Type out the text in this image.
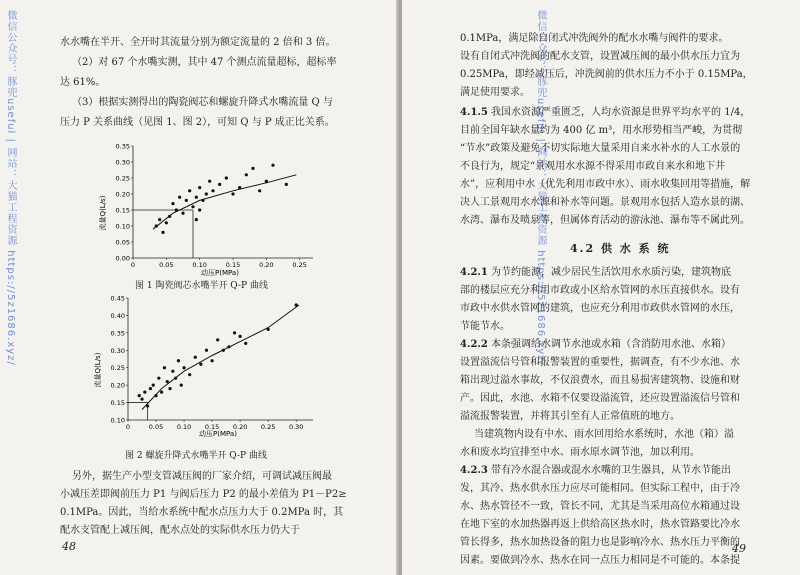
微信公众号：豚兜useful | 网站：大猫工程资源 https://5z1686.xyz/	水水嘴在半开、全开时其流量分别为额定流量的 2 倍和 3 倍。

（2）对 67 个水嘴实测，其中 47 个测点流量超标，超标率

达 61%。

（3）根据实测得出的陶瓷阀芯和螺旋升降式水嘴流量 Q 与

压力 P 关系曲线（见图 1、图 2），可知 Q 与 P 成正比关系。

流量Q(L/s)
动压P(MPa)
0.35
0.30
0.25
0.20
0.15
0.10
0.05
0.00
0	0.05	0.10	0.15	0.20	0.25
图 1 陶瓷阀芯水嘴半开 Q-P 曲线
流量Q(L/s)
动压P(MPa)
0.45
0.40
0.35
0.30
0.25
0.20
0.15
0.10
0	0.05 0.10 0.15 0.20 0.25 0.30
图 2 螺旋升降式水嘴半开 Q-P 曲线

另外，据生产小型支管减压阀的厂家介绍，可调试减压阀最

小减压差即阀前压力 P1 与阀后压力 P2 的最小差值为 P1－P2≥

0.1MPa。因此，当给水系统中配水点压力大于 0.2MPa 时，其

配水支管配上减压阀，配水点处的实际供水压力仍大于

48
微信公众号：豚兜useful | 网站：大猫工程资源 https://5z1686.xyz/

0.1MPa，满足除自闭式冲洗阀外的配水水嘴与阀件的要求。

设有自闭式冲洗阀的配水支管，设置减压阀的最小供水压力宜为

0.25MPa，即经减压后，冲洗阀前的供水压力不小于 0.15MPa，

满足使用要求。

4.1.5 我国水资源严重匮乏，人均水资源是世界平均水平的 1/4，

目前全国年缺水量约为 400 亿 m³，用水形势相当严峻，为贯彻

“节水”政策及避免不切实际地大量采用自来水补水的人工水景的

不良行为，规定“景观用水水源不得采用市政自来水和地下井

水”，应利用中水（优先利用市政中水）、雨水收集回用等措施，解

决人工景观用水水源和补水等问题。景观用水包括人造水景的湖、

水湾、瀑布及喷泉等，但属体育活动的游泳池、瀑布等不属此列。

4.2 供 水 系 统

4.2.1 为节约能源，减少居民生活饮用水水质污染，建筑物底

部的楼层应充分利用市政或小区给水管网的水压直接供水。设有

市政中水供水管网的建筑，也应充分利用市政供水管网的水压，

节能节水。

4.2.2 本条强调给水调节水池或水箱（含消防用水池、水箱）

设置溢流信号管和报警装置的重要性，据调查，有不少水池、水

箱出现过溢水事故，不仅浪费水，而且易损害建筑物、设施和财

产。因此，水池、水箱不仅要设溢流管，还应设置溢流信号管和

溢流报警装置，并将其引至有人正常值班的地方。

当建筑物内设有中水、雨水回用给水系统时，水池（箱）溢

水和废水均宜排至中水、雨水原水调节池，加以利用。

4.2.3 带有冷水混合器或混水水嘴的卫生器具，从节水节能出

发，其冷、热水供水压力应尽可能相同。但实际工程中，由于冷

水、热水管径不一致，管长不同，尤其是当采用高位水箱通过设

在地下室的水加热器再返上供给高区热水时，热水管路要比冷水

管长得多，热水加热设备的阻力也是影响冷水、热水压力平衡的

因素。要做到冷水、热水在同一点压力相同是不可能的。本条提

49
